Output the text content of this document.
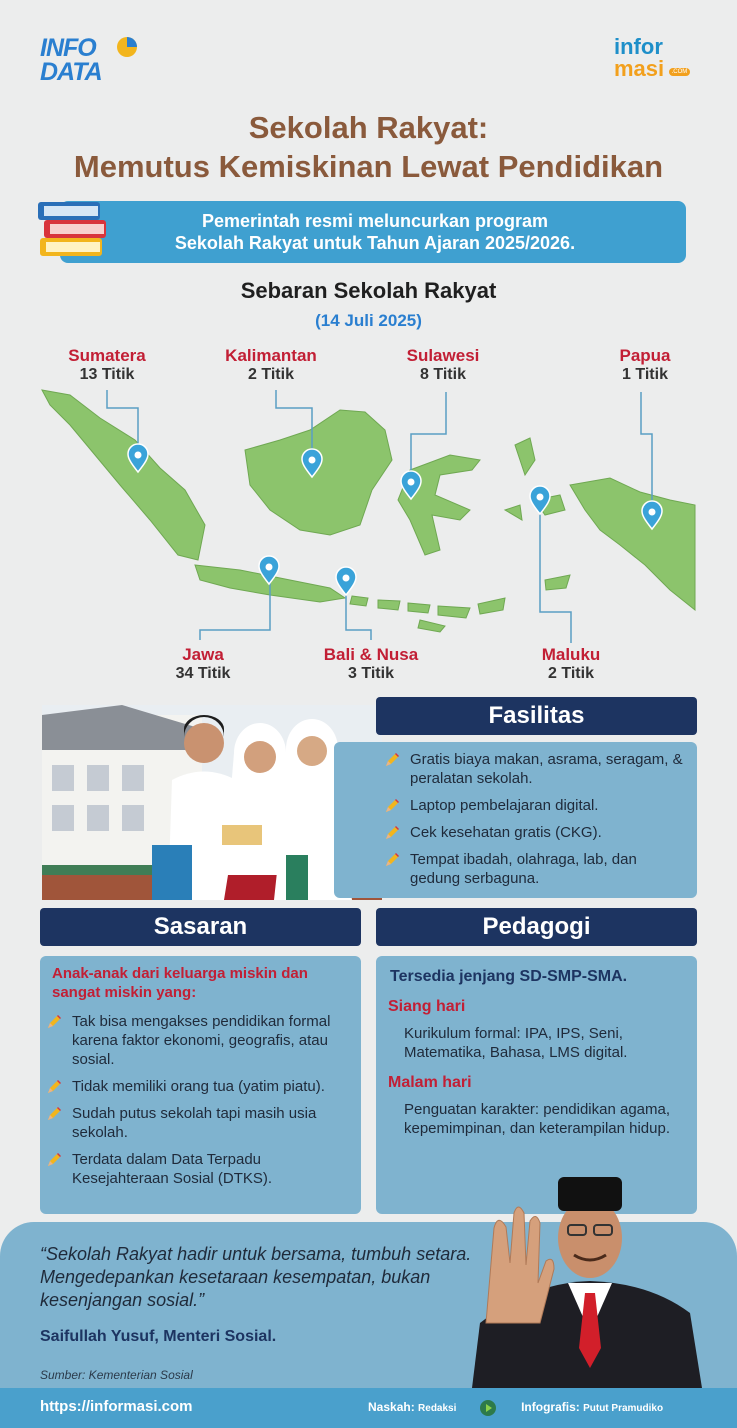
INFO
DATA
infor
masi .COM
Sekolah Rakyat:
Memutus Kemiskinan Lewat Pendidikan
Pemerintah resmi meluncurkan program
Sekolah Rakyat untuk Tahun Ajaran 2025/2026.
Sebaran Sekolah Rakyat
(14 Juli 2025)
Sumatera
13 Titik
Kalimantan
2 Titik
Sulawesi
8 Titik
Papua
1 Titik
Jawa
34 Titik
Bali & Nusa
3 Titik
Maluku
2 Titik
Fasilitas
Gratis biaya makan, asrama, seragam, & peralatan sekolah.
Laptop pembelajaran digital.
Cek kesehatan gratis (CKG).
Tempat ibadah, olahraga, lab, dan gedung serbaguna.
Sasaran
Anak-anak dari keluarga miskin dan sangat miskin yang:
Tak bisa mengakses pendidikan formal karena faktor ekonomi, geografis, atau sosial.
Tidak memiliki orang tua (yatim piatu).
Sudah putus sekolah tapi masih usia sekolah.
Terdata dalam Data Terpadu Kesejahteraan Sosial (DTKS).
Pedagogi
Tersedia jenjang SD-SMP-SMA.
Siang hari
Kurikulum formal: IPA, IPS, Seni, Matematika, Bahasa, LMS digital.
Malam hari
Penguatan karakter: pendidikan agama, kepemimpinan, dan keterampilan hidup.
“Sekolah Rakyat hadir untuk bersama, tumbuh setara. Mengedepankan kesetaraan kesempatan, bukan kesenjangan sosial.”
Saifullah Yusuf, Menteri Sosial.
Sumber: Kementerian Sosial
https://informasi.com	Naskah: Redaksi	Infografis: Putut Pramudiko
